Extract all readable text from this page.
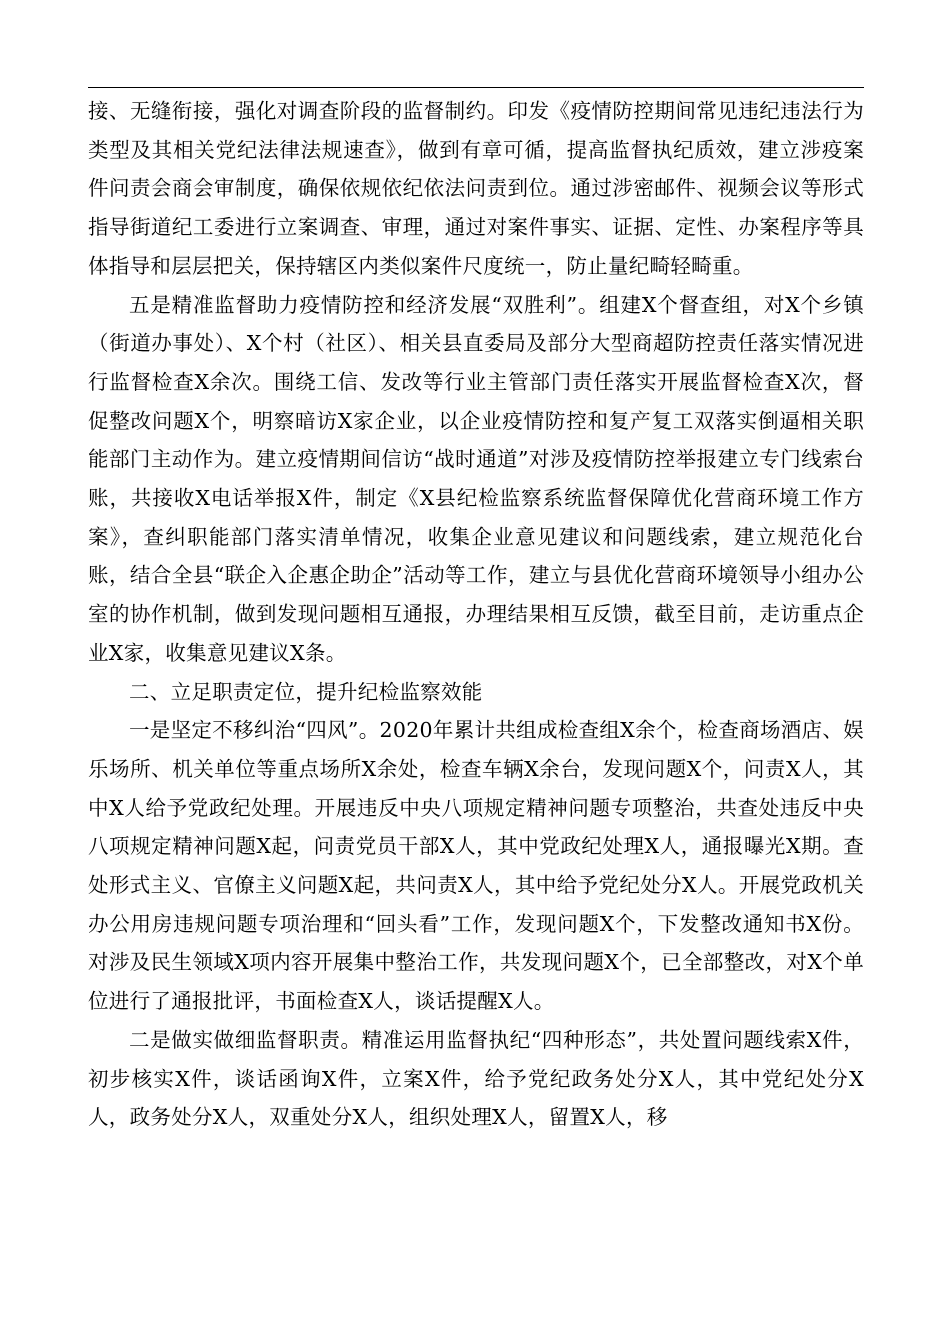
接、无缝衔接，强化对调查阶段的监督制约。印发《疫情防控期间常见违纪违法行为类型及其相关党纪法律法规速查》，做到有章可循，提高监督执纪质效，建立涉疫案件问责会商会审制度，确保依规依纪依法问责到位。通过涉密邮件、视频会议等形式指导街道纪工委进行立案调查、审理，通过对案件事实、证据、定性、办案程序等具体指导和层层把关，保持辖区内类似案件尺度统一，防止量纪畸轻畸重。

五是精准监督助力疫情防控和经济发展“双胜利”。组建X个督查组，对X个乡镇（街道办事处）、X个村（社区）、相关县直委局及部分大型商超防控责任落实情况进行监督检查X余次。围绕工信、发改等行业主管部门责任落实开展监督检查X次，督促整改问题X个，明察暗访X家企业，以企业疫情防控和复产复工双落实倒逼相关职能部门主动作为。建立疫情期间信访“战时通道”对涉及疫情防控举报建立专门线索台账，共接收X电话举报X件，制定《X县纪检监察系统监督保障优化营商环境工作方案》，查纠职能部门落实清单情况，收集企业意见建议和问题线索，建立规范化台账，结合全县“联企入企惠企助企”活动等工作，建立与县优化营商环境领导小组办公室的协作机制，做到发现问题相互通报，办理结果相互反馈，截至目前，走访重点企业X家，收集意见建议X条。

二、立足职责定位，提升纪检监察效能

一是坚定不移纠治“四风”。2020年累计共组成检查组X余个，检查商场酒店、娱乐场所、机关单位等重点场所X余处，检查车辆X余台，发现问题X个，问责X人，其中X人给予党政纪处理。开展违反中央八项规定精神问题专项整治，共查处违反中央八项规定精神问题X起，问责党员干部X人，其中党政纪处理X人，通报曝光X期。查处形式主义、官僚主义问题X起，共问责X人，其中给予党纪处分X人。开展党政机关办公用房违规问题专项治理和“回头看”工作，发现问题X个，下发整改通知书X份。对涉及民生领域X项内容开展集中整治工作，共发现问题X个，已全部整改，对X个单位进行了通报批评，书面检查X人，谈话提醒X人。

二是做实做细监督职责。精准运用监督执纪“四种形态”，共处置问题线索X件，初步核实X件，谈话函询X件，立案X件，给予党纪政务处分X人，其中党纪处分X人，政务处分X人，双重处分X人，组织处理X人，留置X人，移
